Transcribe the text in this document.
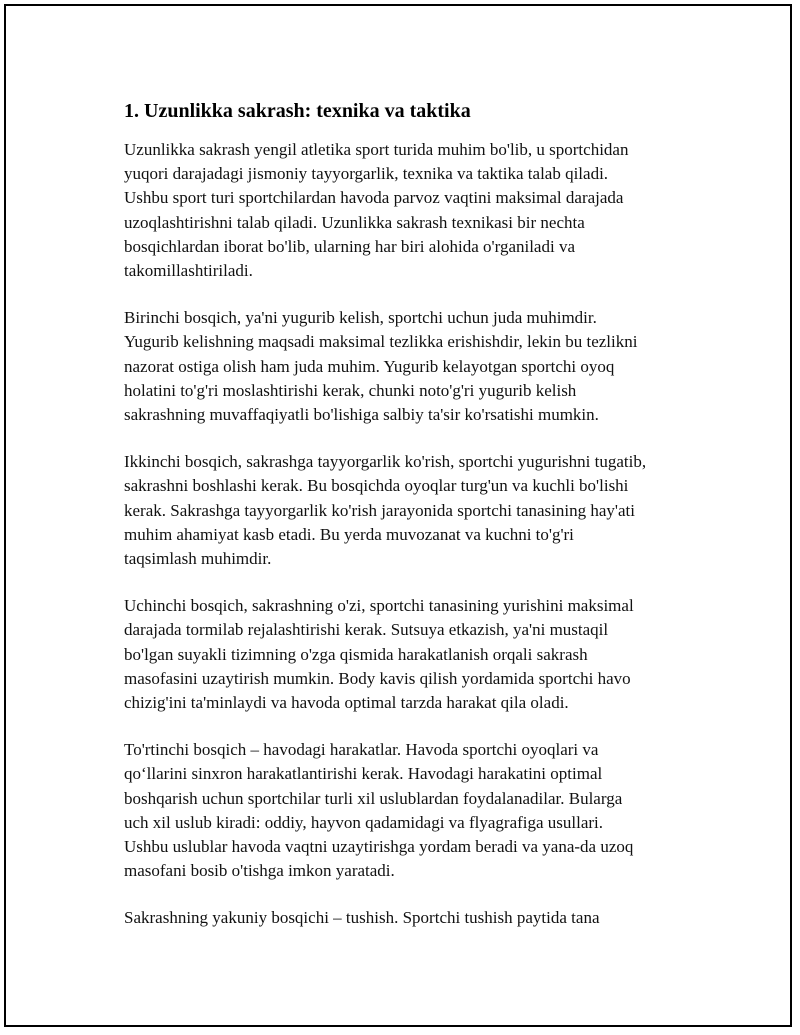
1. Uzunlikka sakrash: texnika va taktika

Uzunlikka sakrash yengil atletika sport turida muhim bo'lib, u sportchidan
yuqori darajadagi jismoniy tayyorgarlik, texnika va taktika talab qiladi.
Ushbu sport turi sportchilardan havoda parvoz vaqtini maksimal darajada
uzoqlashtirishni talab qiladi. Uzunlikka sakrash texnikasi bir nechta
bosqichlardan iborat bo'lib, ularning har biri alohida o'rganiladi va
takomillashtiriladi.

Birinchi bosqich, ya'ni yugurib kelish, sportchi uchun juda muhimdir.
Yugurib kelishning maqsadi maksimal tezlikka erishishdir, lekin bu tezlikni
nazorat ostiga olish ham juda muhim. Yugurib kelayotgan sportchi oyoq
holatini to'g'ri moslashtirishi kerak, chunki noto'g'ri yugurib kelish
sakrashning muvaffaqiyatli bo'lishiga salbiy ta'sir ko'rsatishi mumkin.

Ikkinchi bosqich, sakrashga tayyorgarlik ko'rish, sportchi yugurishni tugatib,
sakrashni boshlashi kerak. Bu bosqichda oyoqlar turg'un va kuchli bo'lishi
kerak. Sakrashga tayyorgarlik ko'rish jarayonida sportchi tanasining hay'ati
muhim ahamiyat kasb etadi. Bu yerda muvozanat va kuchni to'g'ri
taqsimlash muhimdir.

Uchinchi bosqich, sakrashning o'zi, sportchi tanasining yurishini maksimal
darajada tormilab rejalashtirishi kerak. Sutsuya etkazish, ya'ni mustaqil
bo'lgan suyakli tizimning o'zga qismida harakatlanish orqali sakrash
masofasini uzaytirish mumkin. Body kavis qilish yordamida sportchi havo
chizig'ini ta'minlaydi va havoda optimal tarzda harakat qila oladi.

To'rtinchi bosqich – havodagi harakatlar. Havoda sportchi oyoqlari va
qo‘llarini sinxron harakatlantirishi kerak. Havodagi harakatini optimal
boshqarish uchun sportchilar turli xil uslublardan foydalanadilar. Bularga
uch xil uslub kiradi: oddiy, hayvon qadamidagi va flyagrafiga usullari.
Ushbu uslublar havoda vaqtni uzaytirishga yordam beradi va yana-da uzoq
masofani bosib o'tishga imkon yaratadi.

Sakrashning yakuniy bosqichi – tushish. Sportchi tushish paytida tana
